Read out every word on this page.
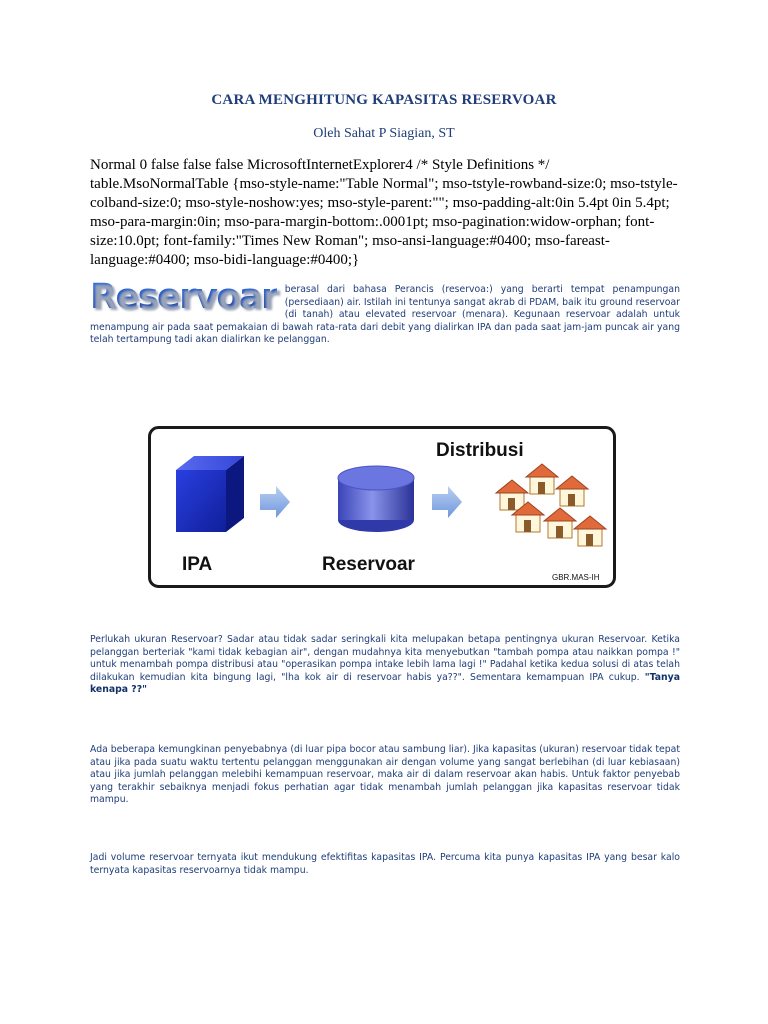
CARA MENGHITUNG KAPASITAS RESERVOAR
Oleh Sahat P Siagian, ST
Normal 0 false false false MicrosoftInternetExplorer4 /* Style Definitions */ table.MsoNormalTable {mso-style-name:"Table Normal"; mso-tstyle-rowband-size:0; mso-tstyle-colband-size:0; mso-style-noshow:yes; mso-style-parent:""; mso-padding-alt:0in 5.4pt 0in 5.4pt; mso-para-margin:0in; mso-para-margin-bottom:.0001pt; mso-pagination:widow-orphan; font-size:10.0pt; font-family:"Times New Roman"; mso-ansi-language:#0400; mso-fareast-language:#0400; mso-bidi-language:#0400;}
Reservoar berasal dari bahasa Perancis (reservoa:) yang berarti tempat penampungan (persediaan) air. Istilah ini tentunya sangat akrab di PDAM, baik itu ground reservoar (di tanah) atau elevated reservoar (menara). Kegunaan reservoar adalah untuk menampung air pada saat pemakaian di bawah rata-rata dari debit yang dialirkan IPA dan pada saat jam-jam puncak air yang telah tertampung tadi akan dialirkan ke pelanggan.
Distribusi
IPA	Reservoar
GBR.MAS-IH
Perlukah ukuran Reservoar? Sadar atau tidak sadar seringkali kita melupakan betapa pentingnya ukuran Reservoar. Ketika pelanggan berteriak "kami tidak kebagian air", dengan mudahnya kita menyebutkan "tambah pompa atau naikkan pompa !" untuk menambah pompa distribusi atau "operasikan pompa intake lebih lama lagi !" Padahal ketika kedua solusi di atas telah dilakukan kemudian kita bingung lagi, "lha kok air di reservoar habis ya??". Sementara kemampuan IPA cukup. "Tanya kenapa ??"
Ada beberapa kemungkinan penyebabnya (di luar pipa bocor atau sambung liar). Jika kapasitas (ukuran) reservoar tidak tepat atau jika pada suatu waktu tertentu pelanggan menggunakan air dengan volume yang sangat berlebihan (di luar kebiasaan) atau jika jumlah pelanggan melebihi kemampuan reservoar, maka air di dalam reservoar akan habis. Untuk faktor penyebab yang terakhir sebaiknya menjadi fokus perhatian agar tidak menambah jumlah pelanggan jika kapasitas reservoar tidak mampu.
Jadi volume reservoar ternyata ikut mendukung efektifitas kapasitas IPA. Percuma kita punya kapasitas IPA yang besar kalo ternyata kapasitas reservoarnya tidak mampu.
